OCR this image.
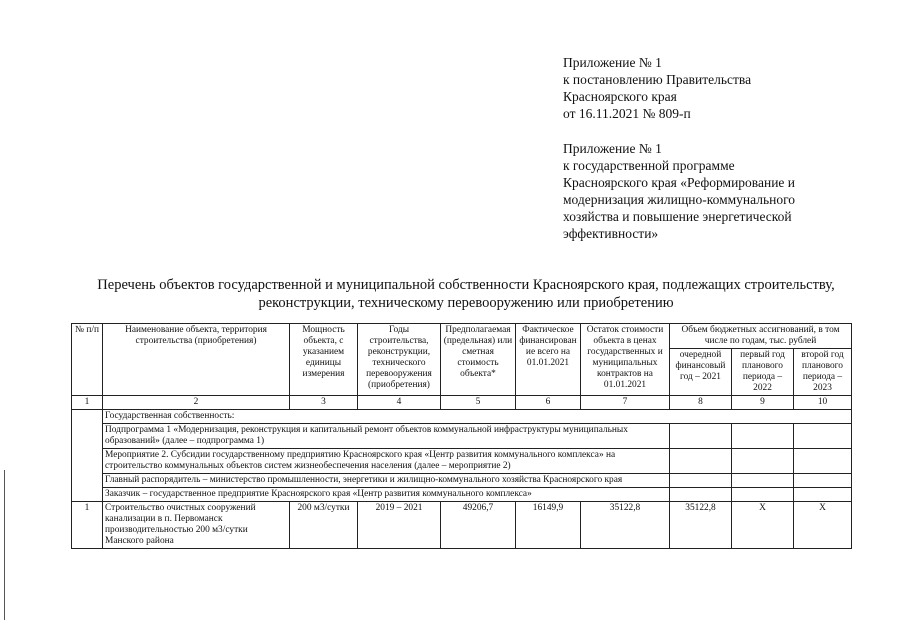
Приложение № 1
к постановлению Правительства
Красноярского края
от 16.11.2021 № 809-п
Приложение № 1
к государственной программе
Красноярского края «Реформирование и
модернизация жилищно-коммунального
хозяйства и повышение энергетической
эффективности»
Перечень объектов государственной и муниципальной собственности Красноярского края, подлежащих строительству,
реконструкции, техническому перевооружению или приобретению
№ п/п	Наименование объекта, территория строительства (приобретения)	Мощность объекта, с указанием единицы измерения	Годы строительства, реконструкции, технического перевооружения (приобретения)	Предполагаемая (предельная) или сметная стоимость объекта*	Фактическое финансирован ие всего на 01.01.2021	Остаток стоимости объекта в ценах государственных и муниципальных контрактов на 01.01.2021	Объем бюджетных ассигнований, в том числе по годам, тыс. рублей		
							очередной финансовый год – 2021	первый год планового периода – 2022	второй год планового периода – 2023
1	2	3	4	5	6	7	8	9	10
	Государственная собственность:								
	Подпрограмма 1 «Модернизация, реконструкция и капитальный ремонт объектов коммунальной инфраструктуры муниципальных образований» (далее – подпрограмма 1)								
	Мероприятие 2. Субсидии государственному предприятию Красноярского края «Центр развития коммунального комплекса» на строительство коммунальных объектов систем жизнеобеспечения населения (далее – мероприятие 2)								
	Главный распорядитель – министерство промышленности, энергетики и жилищно-коммунального хозяйства Красноярского края								
	Заказчик – государственное предприятие Красноярского края «Центр развития коммунального комплекса»								
1	Строительство очистных сооружений канализации в п. Первоманск производительностью 200 м3/сутки Манского района	200 м3/сутки	2019 – 2021	49206,7	16149,9	35122,8	35122,8	Х	Х
